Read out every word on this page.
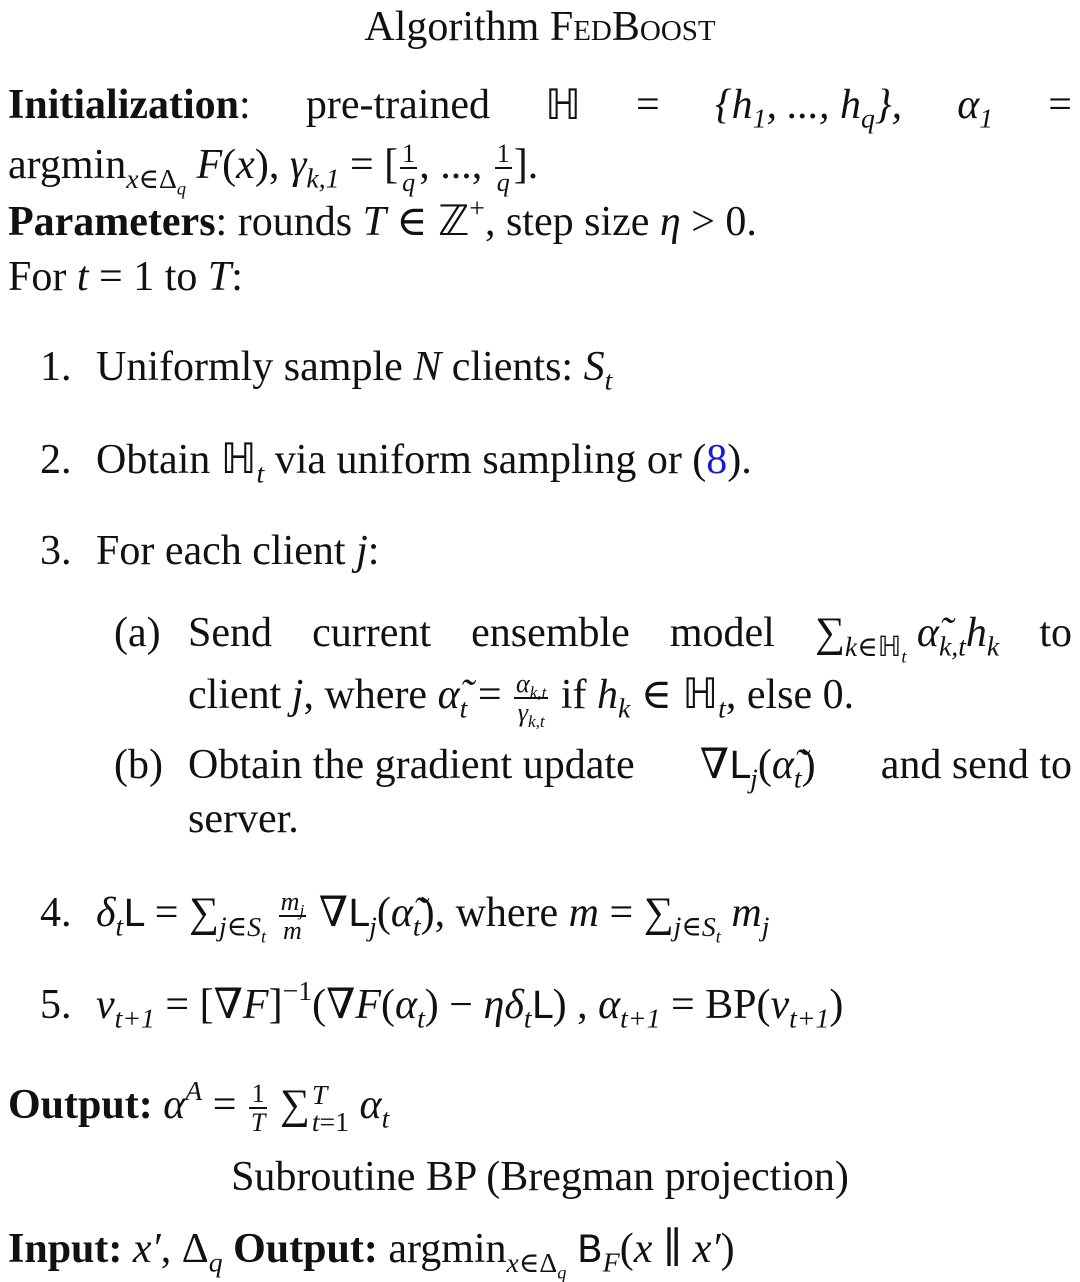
Algorithm FedBoost
Initialization: pre-trained ℍ = {$h_1$, ..., $h_q$}, $\alpha_1$ =
argmin$_{x\in\Delta_q}$ F(x), $\gamma_{k,1}$ = [ $\frac{1}{q}$ , ..., $\frac{1}{q}$ ].
Parameters: rounds T ∈ ℤ+, step size η > 0.
For t = 1 to T:
1. Uniformly sample N clients: $S_t$
2. Obtain ℍ$_t$ via uniform sampling or (8).
3. For each client j:
(a) Send current ensemble model $\sum_{k\in ℍ_t}$ $\alphã_{k,t}h_k$ to
client j, where $\alphã_t = \frac{\alpha_{k,t}}{\gamma_{k,t}}$ if $h_k$ ∈ ℍ$_t$, else 0.
(b) Obtain the gradient update $\nabla L_j(\alphã_t)$ and send to
server.
4. $\delta_tL = \sum_{j\in S_t} \frac{m_j}{m}$ $\nabla L_j(\alphã_t)$, where $m = \sum_{j\in S_t}$ $m_j$
5. $v_{t+1} = [\nabla F]^{-1}(\nabla F(\alpha_t) - \eta\delta_tL)$ , $\alpha_{t+1} = BP(v_{t+1})$
Output: $\alpha^A = \frac{1}{T}$ ∑ T
t=1 $\alpha_t$
Subroutine BP (Bregman projection)
Input: x′, $\Delta_q$ Output: argmin$_{x\in\Delta_q}$ $B_F(x$ ∥ x′)
